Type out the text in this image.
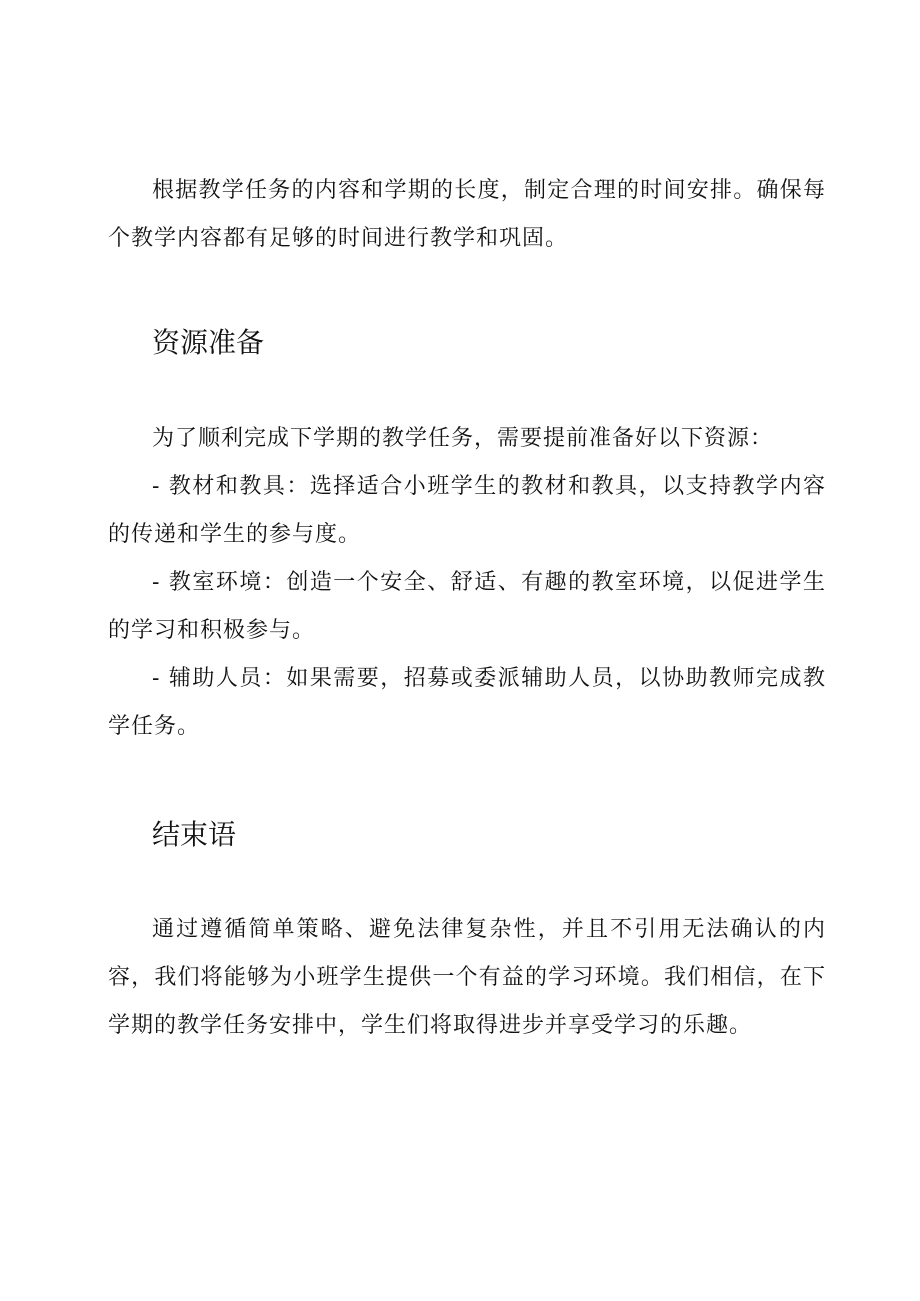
根据教学任务的内容和学期的长度，制定合理的时间安排。确保每个教学内容都有足够的时间进行教学和巩固。

资源准备

为了顺利完成下学期的教学任务，需要提前准备好以下资源：

- 教材和教具：选择适合小班学生的教材和教具，以支持教学内容的传递和学生的参与度。

- 教室环境：创造一个安全、舒适、有趣的教室环境，以促进学生的学习和积极参与。

- 辅助人员：如果需要，招募或委派辅助人员，以协助教师完成教学任务。

结束语

通过遵循简单策略、避免法律复杂性，并且不引用无法确认的内容，我们将能够为小班学生提供一个有益的学习环境。我们相信，在下学期的教学任务安排中，学生们将取得进步并享受学习的乐趣。
